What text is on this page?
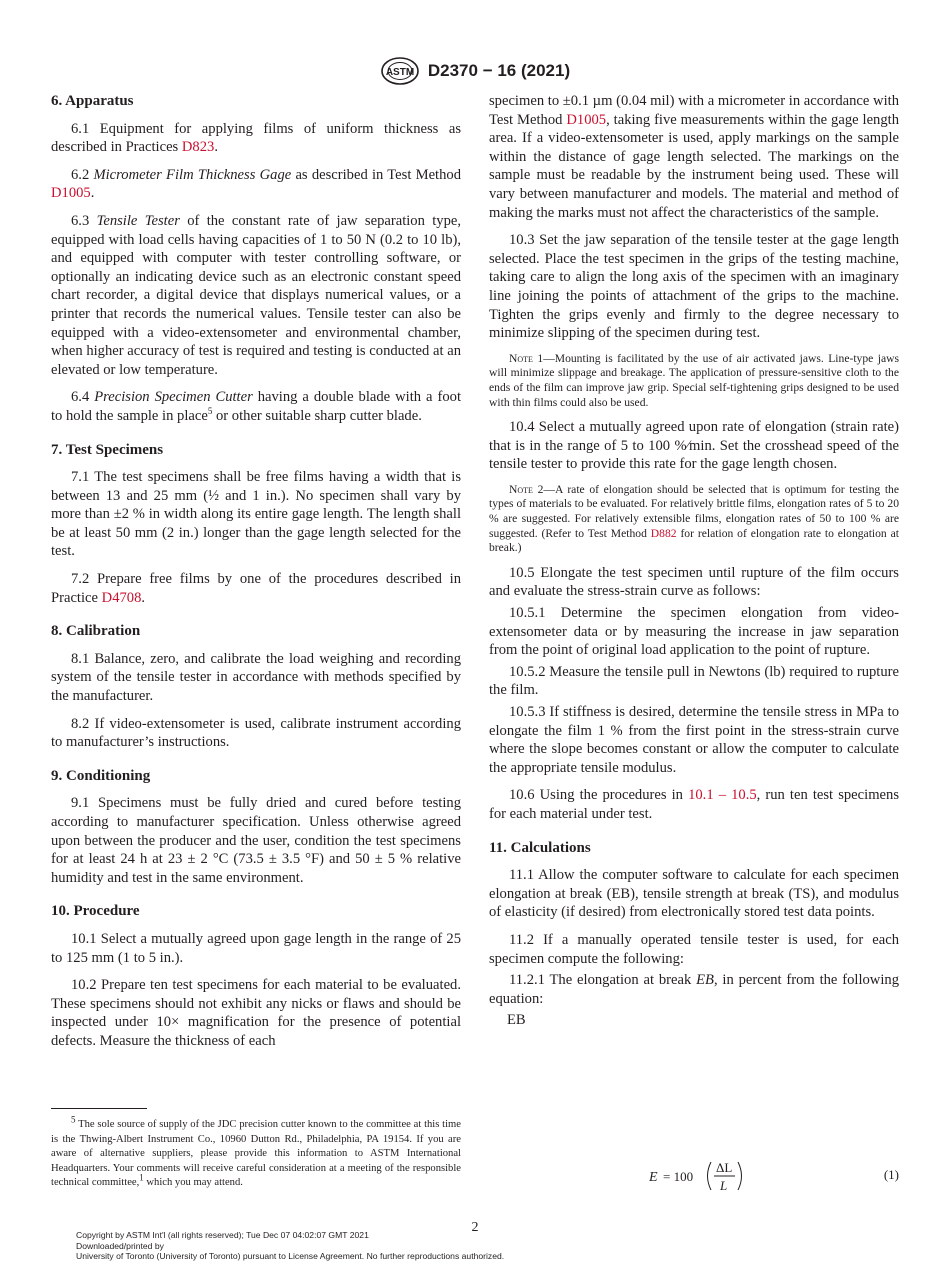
ASTM D2370 − 16 (2021)
6. Apparatus

6.1 Equipment for applying films of uniform thickness as described in Practices D823.

6.2 Micrometer Film Thickness Gage as described in Test Method D1005.

6.3 Tensile Tester of the constant rate of jaw separation type, equipped with load cells having capacities of 1 to 50 N (0.2 to 10 lb), and equipped with computer with tester controlling software, or optionally an indicating device such as an electronic constant speed chart recorder, a digital device that displays numerical values, or a printer that records the numerical values. Tensile tester can also be equipped with a video-extensometer and environmental chamber, when higher accuracy of test is required and testing is conducted at an elevated or low temperature.

6.4 Precision Specimen Cutter having a double blade with a foot to hold the sample in place$^5$ or other suitable sharp cutter blade.

7. Test Specimens

7.1 The test specimens shall be free films having a width that is between 13 and 25 mm (½ and 1 in.). No specimen shall vary by more than ±2 % in width along its entire gage length. The length shall be at least 50 mm (2 in.) longer than the gage length selected for the test.

7.2 Prepare free films by one of the procedures described in Practice D4708.

8. Calibration

8.1 Balance, zero, and calibrate the load weighing and recording system of the tensile tester in accordance with methods specified by the manufacturer.

8.2 If video-extensometer is used, calibrate instrument according to manufacturer’s instructions.

9. Conditioning

9.1 Specimens must be fully dried and cured before testing according to manufacturer specification. Unless otherwise agreed upon between the producer and the user, condition the test specimens for at least 24 h at 23 ± 2 °C (73.5 ± 3.5 °F) and 50 ± 5 % relative humidity and test in the same environment.

10. Procedure

10.1 Select a mutually agreed upon gage length in the range of 25 to 125 mm (1 to 5 in.).

10.2 Prepare ten test specimens for each material to be evaluated. These specimens should not exhibit any nicks or flaws and should be inspected under 10× magnification for the presence of potential defects. Measure the thickness of each

specimen to ±0.1 µm (0.04 mil) with a micrometer in accordance with Test Method D1005, taking five measurements within the gage length area. If a video-extensometer is used, apply markings on the sample within the distance of gage length selected. The markings on the sample must be readable by the instrument being used. These will vary between manufacturer and models. The material and method of making the marks must not affect the characteristics of the sample.

10.3 Set the jaw separation of the tensile tester at the gage length selected. Place the test specimen in the grips of the testing machine, taking care to align the long axis of the specimen with an imaginary line joining the points of attachment of the grips to the machine. Tighten the grips evenly and firmly to the degree necessary to minimize slipping of the specimen during test.

Note 1—Mounting is facilitated by the use of air activated jaws. Line-type jaws will minimize slippage and breakage. The application of pressure-sensitive cloth to the ends of the film can improve jaw grip. Special self-tightening grips designed to be used with thin films could also be used.

10.4 Select a mutually agreed upon rate of elongation (strain rate) that is in the range of 5 to 100 %⁄min. Set the crosshead speed of the tensile tester to provide this rate for the gage length chosen.

Note 2—A rate of elongation should be selected that is optimum for testing the types of materials to be evaluated. For relatively brittle films, elongation rates of 5 to 20 % are suggested. For relatively extensible films, elongation rates of 50 to 100 % are suggested. (Refer to Test Method D882 for relation of elongation rate to elongation at break.)

10.5 Elongate the test specimen until rupture of the film occurs and evaluate the stress-strain curve as follows:

10.5.1 Determine the specimen elongation from video-extensometer data or by measuring the increase in jaw separation from the point of original load application to the point of rupture.

10.5.2 Measure the tensile pull in Newtons (lb) required to rupture the film.

10.5.3 If stiffness is desired, determine the tensile stress in MPa to elongate the film 1 % from the first point in the stress-strain curve where the slope becomes constant or allow the computer to calculate the appropriate tensile modulus.

10.6 Using the procedures in 10.1 – 10.5, run ten test specimens for each material under test.

11. Calculations

11.1 Allow the computer software to calculate for each specimen elongation at break (EB), tensile strength at break (TS), and modulus of elasticity (if desired) from electronically stored test data points.

11.2 If a manually operated tensile tester is used, for each specimen compute the following:

11.2.1 The elongation at break EB, in percent from the following equation:

EB

E = 100
ΔL
L
(1)
$^5$ The sole source of supply of the JDC precision cutter known to the committee at this time is the Thwing-Albert Instrument Co., 10960 Dutton Rd., Philadelphia, PA 19154. If you are aware of alternative suppliers, please provide this information to ASTM International Headquarters. Your comments will receive careful consideration at a meeting of the responsible technical committee,$^1$ which you may attend.
2
Copyright by ASTM Int'l (all rights reserved); Tue Dec 07 04:02:07 GMT 2021
Downloaded/printed by
University of Toronto (University of Toronto) pursuant to License Agreement. No further reproductions authorized.
